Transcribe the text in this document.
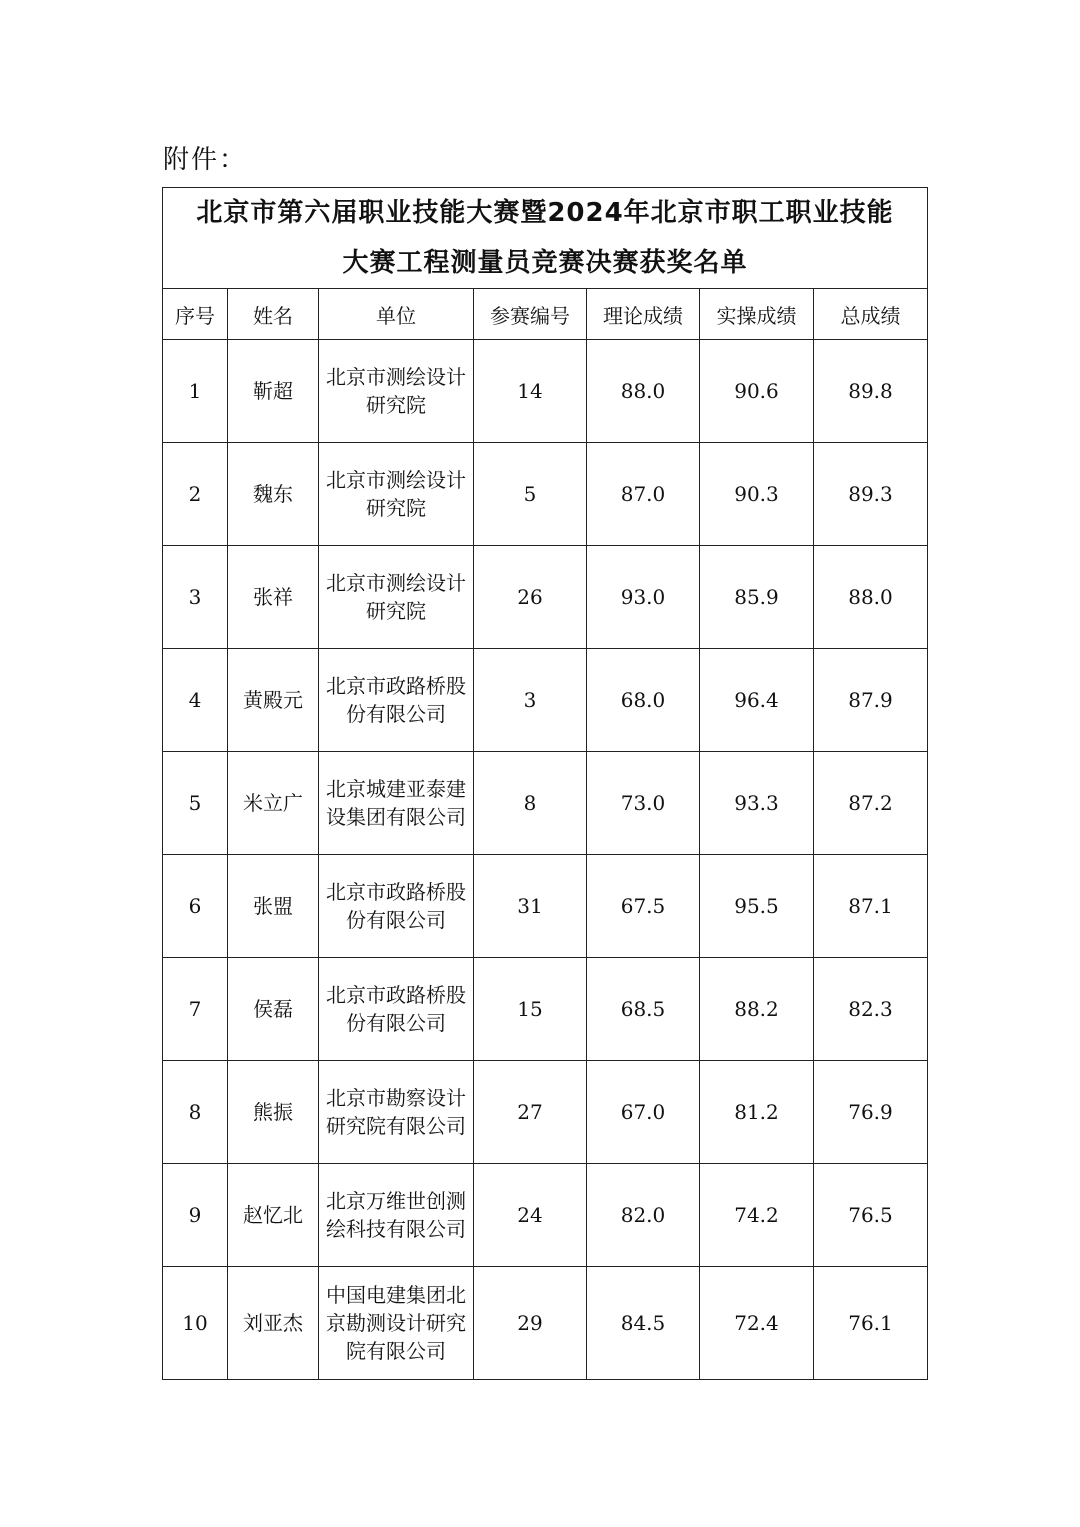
附件：
北京市第六届职业技能大赛暨2024年北京市职工职业技能
大赛工程测量员竞赛决赛获奖名单						

序号	姓名	单位	参赛编号	理论成绩	实操成绩	总成绩
1	靳超	北京市测绘设计研究院	14	88.0	90.6	89.8
2	魏东	北京市测绘设计研究院	5	87.0	90.3	89.3
3	张祥	北京市测绘设计研究院	26	93.0	85.9	88.0
4	黄殿元	北京市政路桥股份有限公司	3	68.0	96.4	87.9
5	米立广	北京城建亚泰建设集团有限公司	8	73.0	93.3	87.2
6	张盟	北京市政路桥股份有限公司	31	67.5	95.5	87.1
7	侯磊	北京市政路桥股份有限公司	15	68.5	88.2	82.3
8	熊振	北京市勘察设计研究院有限公司	27	67.0	81.2	76.9
9	赵忆北	北京万维世创测绘科技有限公司	24	82.0	74.2	76.5
10	刘亚杰	中国电建集团北京勘测设计研究院有限公司	29	84.5	72.4	76.1
